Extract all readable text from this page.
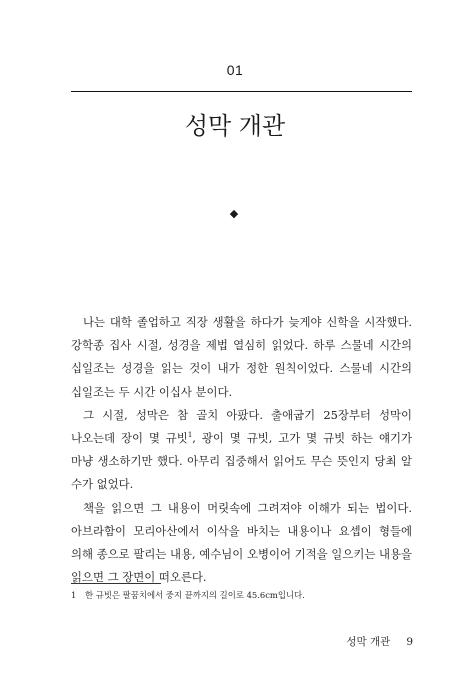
01
성막 개관
◆

나는 대학 졸업하고 직장 생활을 하다가 늦게야 신학을 시작했다. 강학종 집사 시절, 성경을 제법 열심히 읽었다. 하루 스물네 시간의 십일조는 성경을 읽는 것이 내가 정한 원칙이었다. 스물네 시간의 십일조는 두 시간 이십사 분이다.

그 시절, 성막은 참 골치 아팠다. 출애굽기 25장부터 성막이 나오는데 장이 몇 규빗$^1$, 광이 몇 규빗, 고가 몇 규빗 하는 얘기가 마냥 생소하기만 했다. 아무리 집중해서 읽어도 무슨 뜻인지 당최 알 수가 없었다.

책을 읽으면 그 내용이 머릿속에 그려져야 이해가 되는 법이다. 아브라함이 모리아산에서 이삭을 바치는 내용이나 요셉이 형들에 의해 종으로 팔리는 내용, 예수님이 오병이어 기적을 일으키는 내용을 읽으면 그 장면이 떠오른다.

1 한 규빗은 팔꿈치에서 중지 끝까지의 길이로 45.6cm입니다.
성막 개관 9
